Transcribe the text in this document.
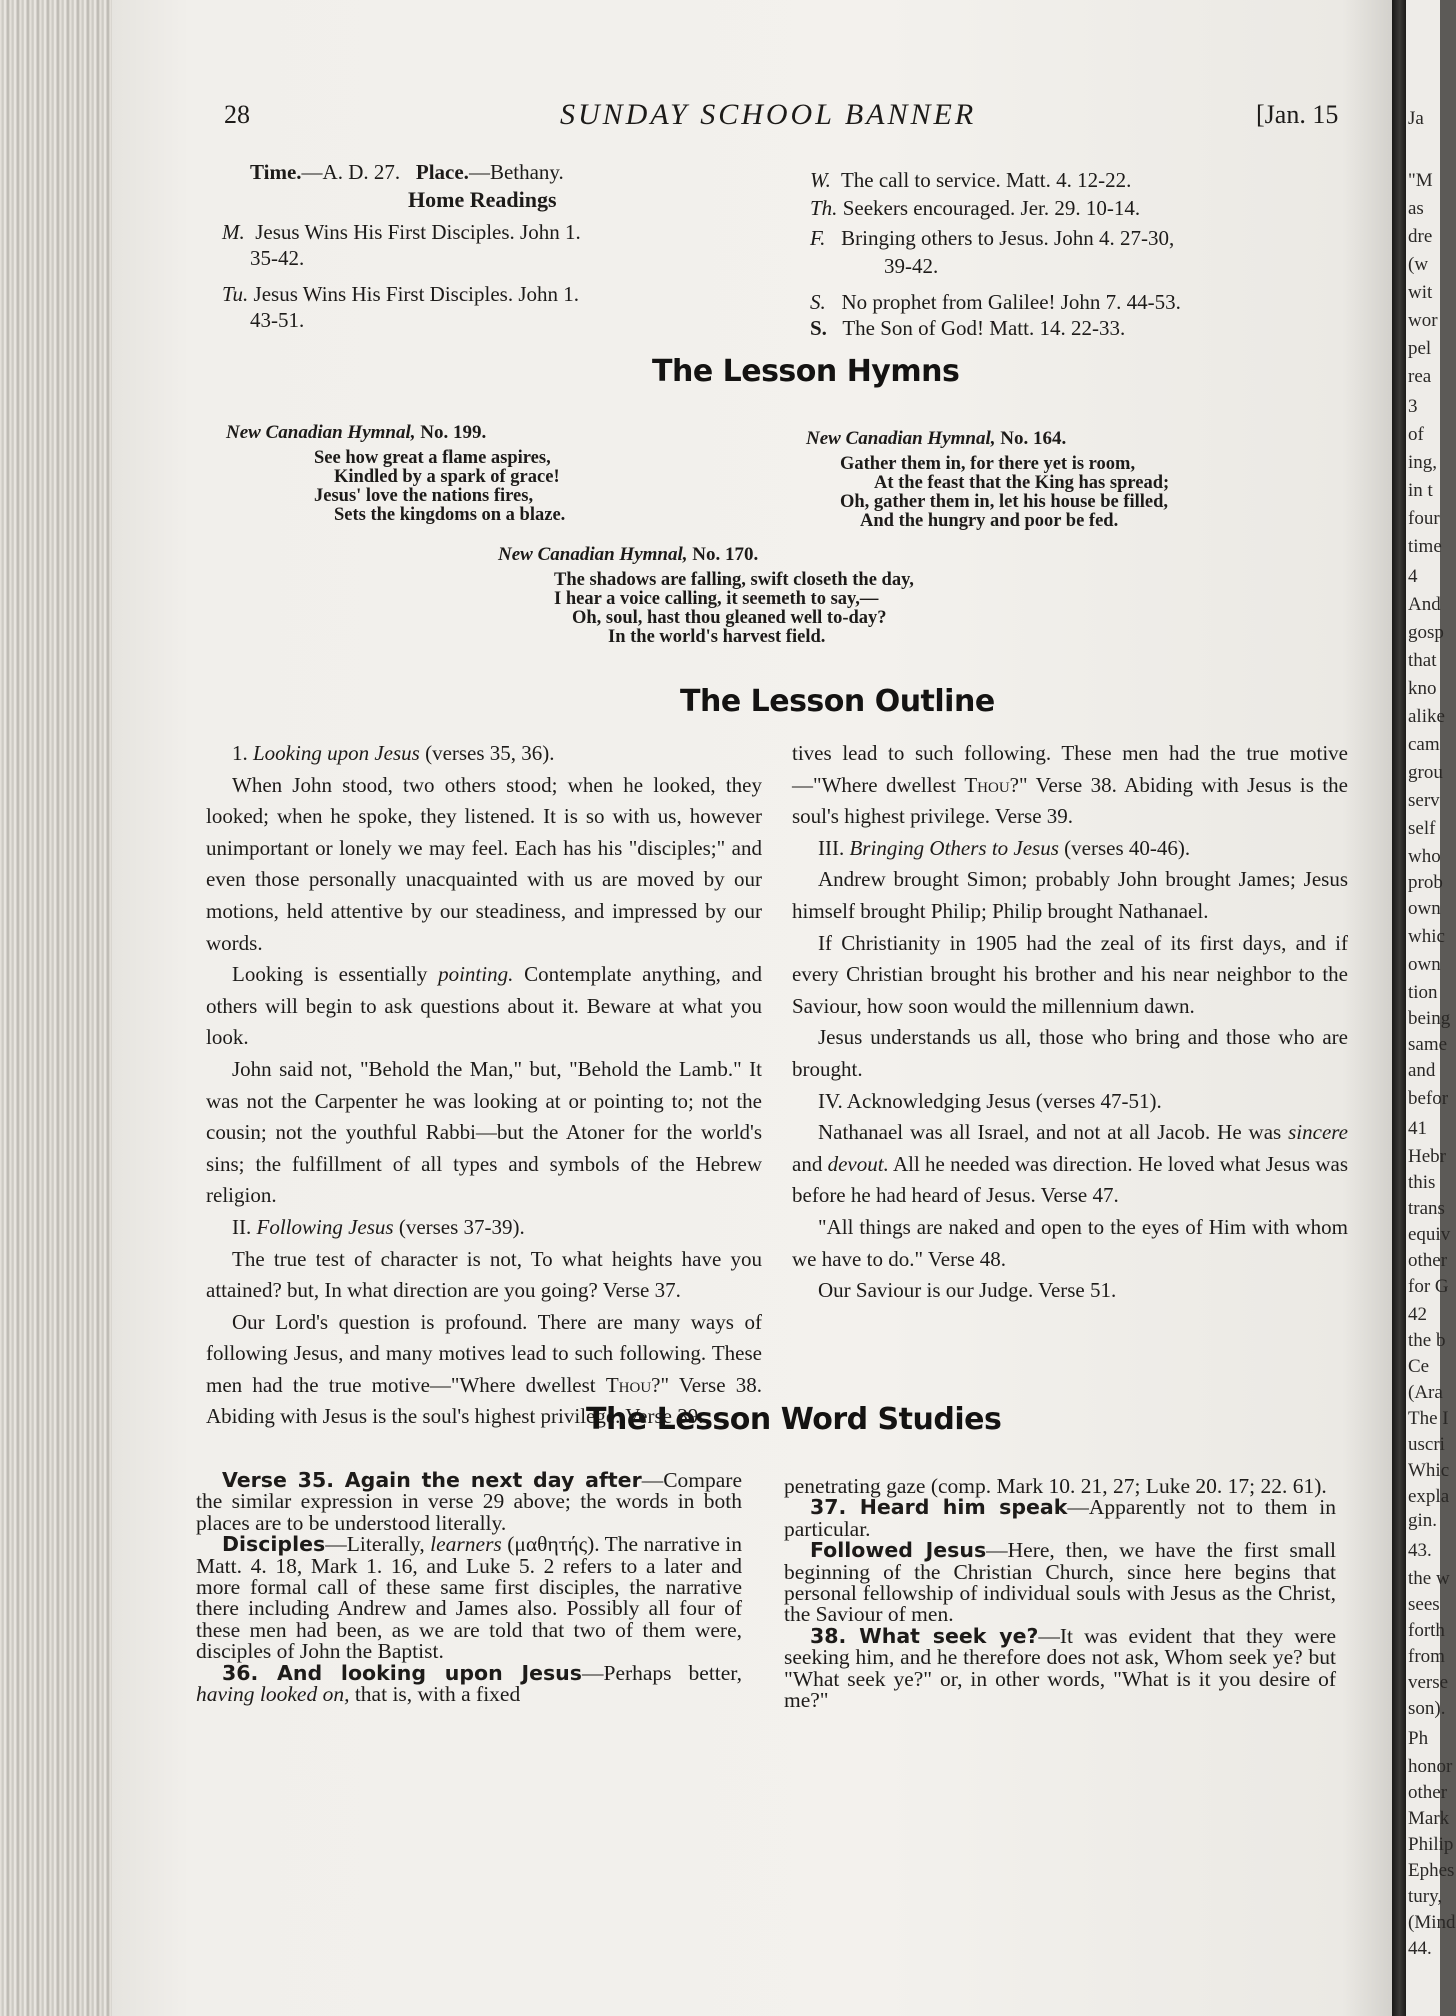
Ja
"M
as
dre
(w
wit
wor
pel
rea
3
of
ing,
in t
four
time
4
And
gosp
that
kno
alike
cam
grou
serv
self
who
prob
own
whic
own
tion
being
same
and
befor
41
Hebr
this
trans
equiv
other
for G
42
the b
Ce
(Ara
The I
uscri
Whic
expla
gin.
43.
the w
sees
forth
from
verse
son).
Ph
honor
other
Mark
Philip
Ephes
tury,
(Mind
44.
28	SUNDAY SCHOOL BANNER	[Jan. 15
Time.—A. D. 27. Place.—Bethany.
Home Readings
M. Jesus Wins His First Disciples. John 1.
35-42.
Tu. Jesus Wins His First Disciples. John 1.
43-51.
W. The call to service. Matt. 4. 12-22.
Th. Seekers encouraged. Jer. 29. 10-14.
F. Bringing others to Jesus. John 4. 27-30,
39-42.
S. No prophet from Galilee! John 7. 44-53.
S. The Son of God! Matt. 14. 22-33.
The Lesson Hymns
New Canadian Hymnal, No. 199.
See how great a flame aspires,
Kindled by a spark of grace!
Jesus' love the nations fires,
Sets the kingdoms on a blaze.
New Canadian Hymnal, No. 164.
Gather them in, for there yet is room,
At the feast that the King has spread;
Oh, gather them in, let his house be filled,
And the hungry and poor be fed.
New Canadian Hymnal, No. 170.
The shadows are falling, swift closeth the day,
I hear a voice calling, it seemeth to say,—
Oh, soul, hast thou gleaned well to-day?
In the world's harvest field.
The Lesson Outline

1. Looking upon Jesus (verses 35, 36).

When John stood, two others stood; when he looked, they looked; when he spoke, they listened. It is so with us, however unimportant or lonely we may feel. Each has his "disciples;" and even those personally unacquainted with us are moved by our motions, held attentive by our steadiness, and impressed by our words.

Looking is essentially pointing. Contemplate anything, and others will begin to ask questions about it. Beware at what you look.

John said not, "Behold the Man," but, "Behold the Lamb." It was not the Carpenter he was looking at or pointing to; not the cousin; not the youthful Rabbi—but the Atoner for the world's sins; the fulfillment of all types and symbols of the Hebrew religion.

II. Following Jesus (verses 37-39).

The true test of character is not, To what heights have you attained? but, In what direction are you going? Verse 37.

Our Lord's question is profound. There are many ways of following Jesus, and many motives lead to such following. These men had the true motive—"Where dwellest Thou?" Verse 38. Abiding with Jesus is the soul's highest privilege. Verse 39.

tives lead to such following. These men had the true motive—"Where dwellest Thou?" Verse 38. Abiding with Jesus is the soul's highest privilege. Verse 39.

III. Bringing Others to Jesus (verses 40-46).

Andrew brought Simon; probably John brought James; Jesus himself brought Philip; Philip brought Nathanael.

If Christianity in 1905 had the zeal of its first days, and if every Christian brought his brother and his near neighbor to the Saviour, how soon would the millennium dawn.

Jesus understands us all, those who bring and those who are brought.

IV. Acknowledging Jesus (verses 47-51).

Nathanael was all Israel, and not at all Jacob. He was sincere and devout. All he needed was direction. He loved what Jesus was before he had heard of Jesus. Verse 47.

"All things are naked and open to the eyes of Him with whom we have to do." Verse 48.

Our Saviour is our Judge. Verse 51.

The Lesson Word Studies

Verse 35. Again the next day after—Compare the similar expression in verse 29 above; the words in both places are to be understood literally.

Disciples—Literally, learners (μαθητής). The narrative in Matt. 4. 18, Mark 1. 16, and Luke 5. 2 refers to a later and more formal call of these same first disciples, the narrative there including Andrew and James also. Possibly all four of these men had been, as we are told that two of them were, disciples of John the Baptist.

36. And looking upon Jesus—Perhaps better, having looked on, that is, with a fixed

penetrating gaze (comp. Mark 10. 21, 27; Luke 20. 17; 22. 61).

37. Heard him speak—Apparently not to them in particular.

Followed Jesus—Here, then, we have the first small beginning of the Christian Church, since here begins that personal fellowship of individual souls with Jesus as the Christ, the Saviour of men.

38. What seek ye?—It was evident that they were seeking him, and he therefore does not ask, Whom seek ye? but "What seek ye?" or, in other words, "What is it you desire of me?"
